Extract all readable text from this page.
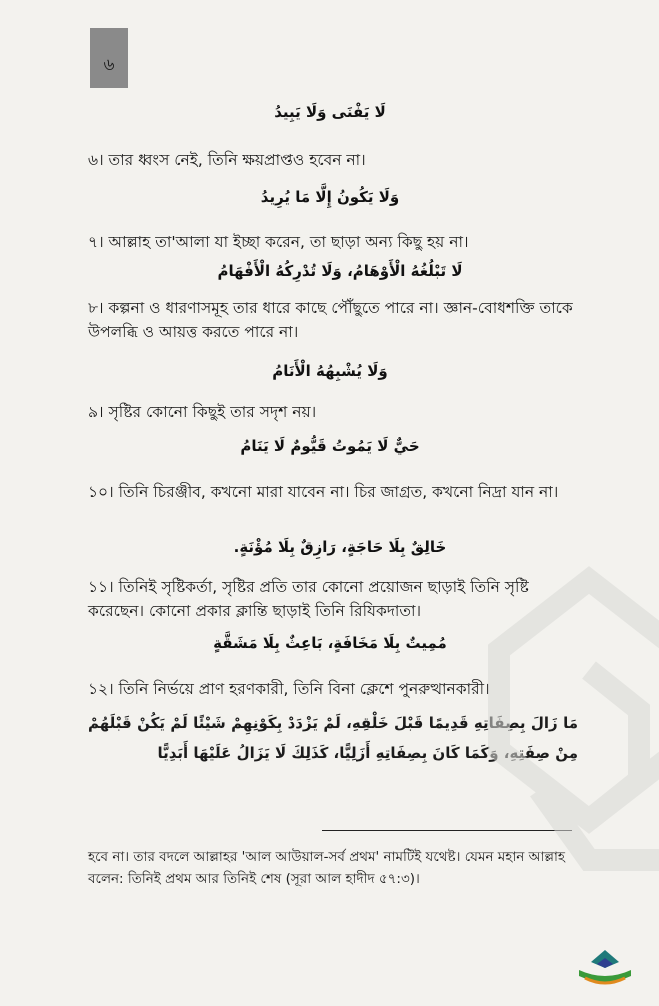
৬
لَا يَفْنَى وَلَا يَبِيدُ
৬। তার ধ্বংস নেই, তিনি ক্ষয়প্রাপ্তও হবেন না।
وَلَا يَكُونُ إِلَّا مَا يُرِيدُ
৭। আল্লাহ তা'আলা যা ইচ্ছা করেন, তা ছাড়া অন্য কিছু হয় না।
لَا تَبْلُغُهُ الْأَوْهَامُ، وَلَا تُدْرِكُهُ الْأَفْهَامُ
৮। কল্পনা ও ধারণাসমূহ তার ধারে কাছে পৌঁছুতে পারে না। জ্ঞান-বোধশক্তি তাকে উপলব্ধি ও আয়ত্ত করতে পারে না।
وَلَا يُشْبِهُهُ الْأَنَامُ
৯। সৃষ্টির কোনো কিছুই তার সদৃশ নয়।
حَيٌّ لَا يَمُوتُ قَيُّومٌ لَا يَنَامُ
১০। তিনি চিরঞ্জীব, কখনো মারা যাবেন না। চির জাগ্রত, কখনো নিদ্রা যান না।
خَالِقٌ بِلَا حَاجَةٍ، رَازِقٌ بِلَا مُؤْنَةٍ.
১১। তিনিই সৃষ্টিকর্তা, সৃষ্টির প্রতি তার কোনো প্রয়োজন ছাড়াই তিনি সৃষ্টি করেছেন। কোনো প্রকার ক্লান্তি ছাড়াই তিনি রিযিকদাতা।
مُمِيتٌ بِلَا مَخَافَةٍ، بَاعِثٌ بِلَا مَشَقَّةٍ
১২। তিনি নির্ভয়ে প্রাণ হরণকারী, তিনি বিনা ক্লেশে পুনরুত্থানকারী।
مَا زَالَ بِصِفَاتِهِ قَدِيمًا قَبْلَ خَلْقِهِ، لَمْ يَزْدَدْ بِكَوْنِهِمْ شَيْئًا لَمْ يَكُنْ قَبْلَهُمْ مِنْ صِفَتِهِ، وَكَمَا كَانَ بِصِفَاتِهِ أَزَلِيًّا، كَذَلِكَ لَا يَزَالُ عَلَيْهَا أَبَدِيًّا
হবে না। তার বদলে আল্লাহর 'আল আউয়াল-সর্ব প্রথম' নামটিই যথেষ্ট। যেমন মহান আল্লাহ বলেন: তিনিই প্রথম আর তিনিই শেষ (সূরা আল হাদীদ ৫৭:৩)।
